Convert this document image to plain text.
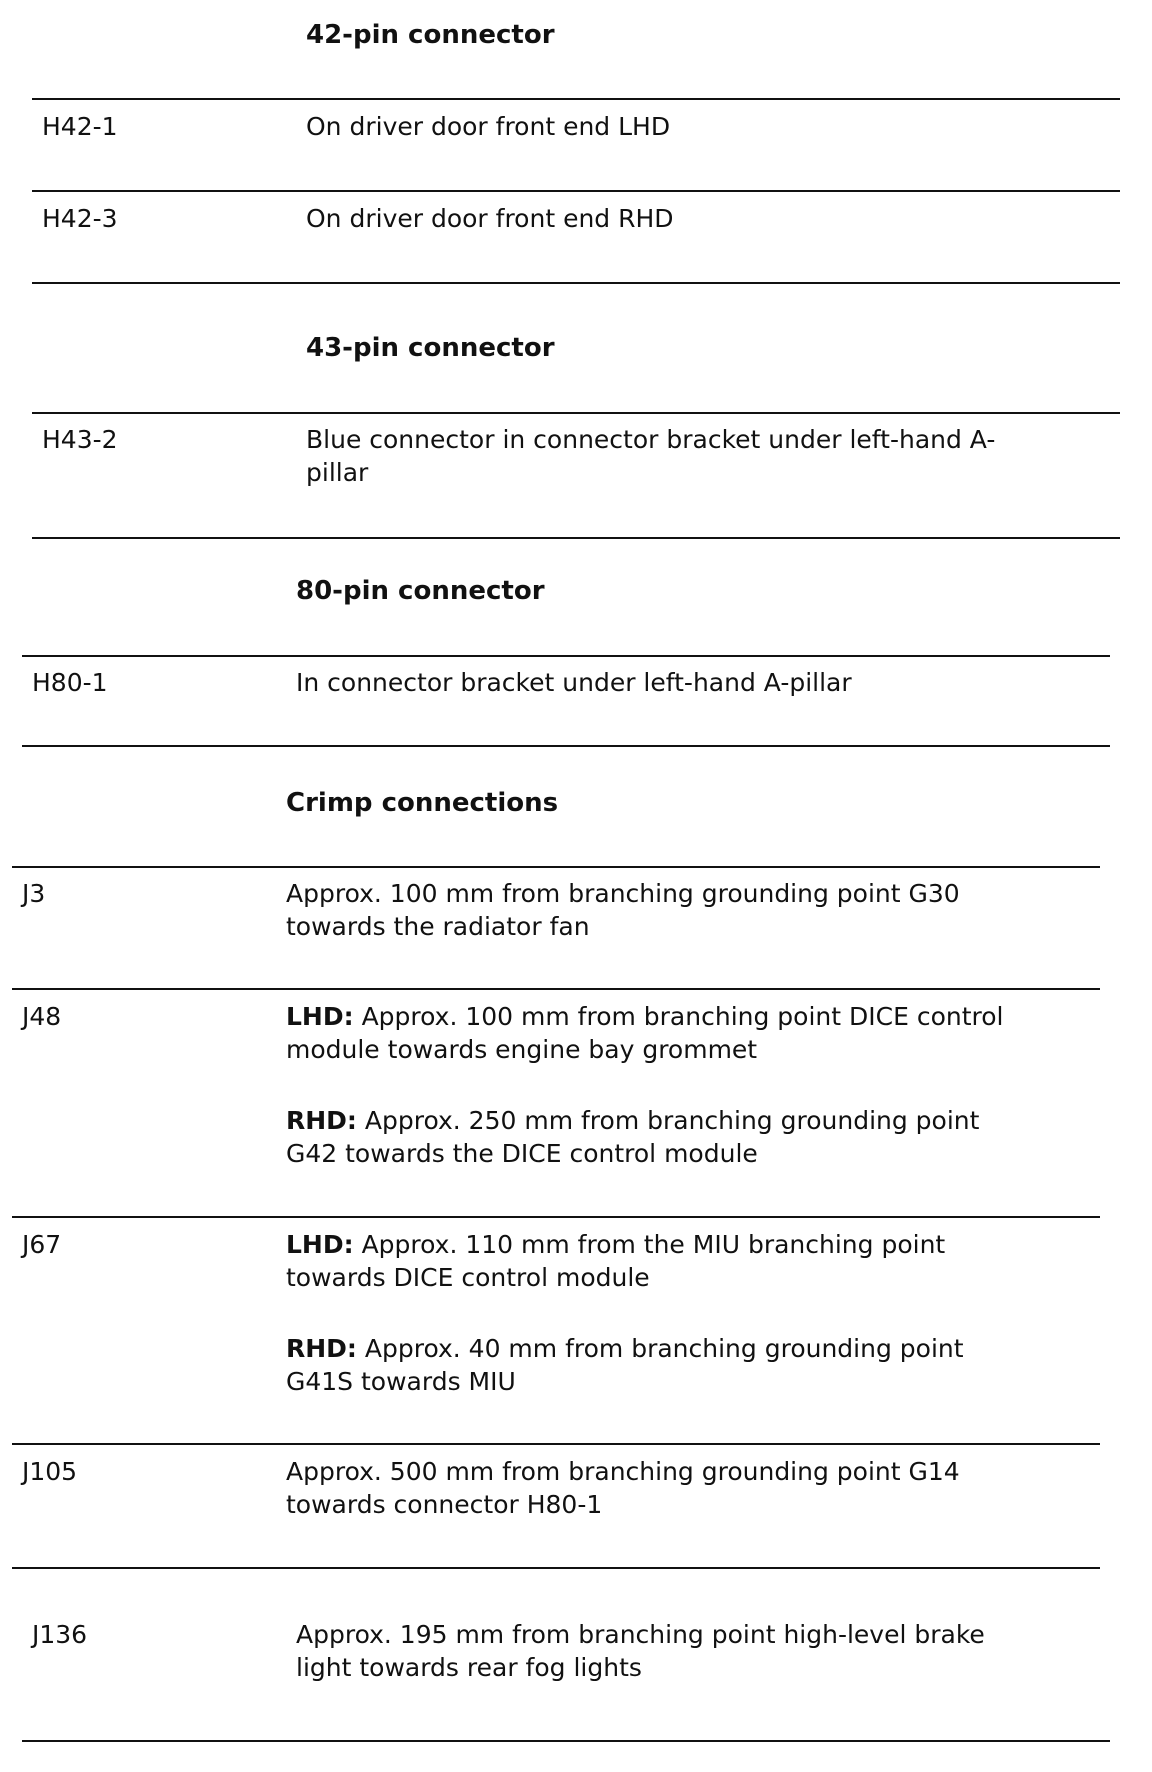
42-pin connector
H42-1	On driver door front end LHD
H42-3	On driver door front end RHD
43-pin connector
H43-2	Blue connector in connector bracket under left-hand A-
pillar
80-pin connector
H80-1	In connector bracket under left-hand A-pillar
Crimp connections
J3	Approx. 100 mm from branching grounding point G30
towards the radiator fan
J48	LHD: Approx. 100 mm from branching point DICE control
module towards engine bay grommet
RHD: Approx. 250 mm from branching grounding point
G42 towards the DICE control module
J67	LHD: Approx. 110 mm from the MIU branching point
towards DICE control module
RHD: Approx. 40 mm from branching grounding point
G41S towards MIU
J105	Approx. 500 mm from branching grounding point G14
towards connector H80-1
J136	Approx. 195 mm from branching point high-level brake
light towards rear fog lights
